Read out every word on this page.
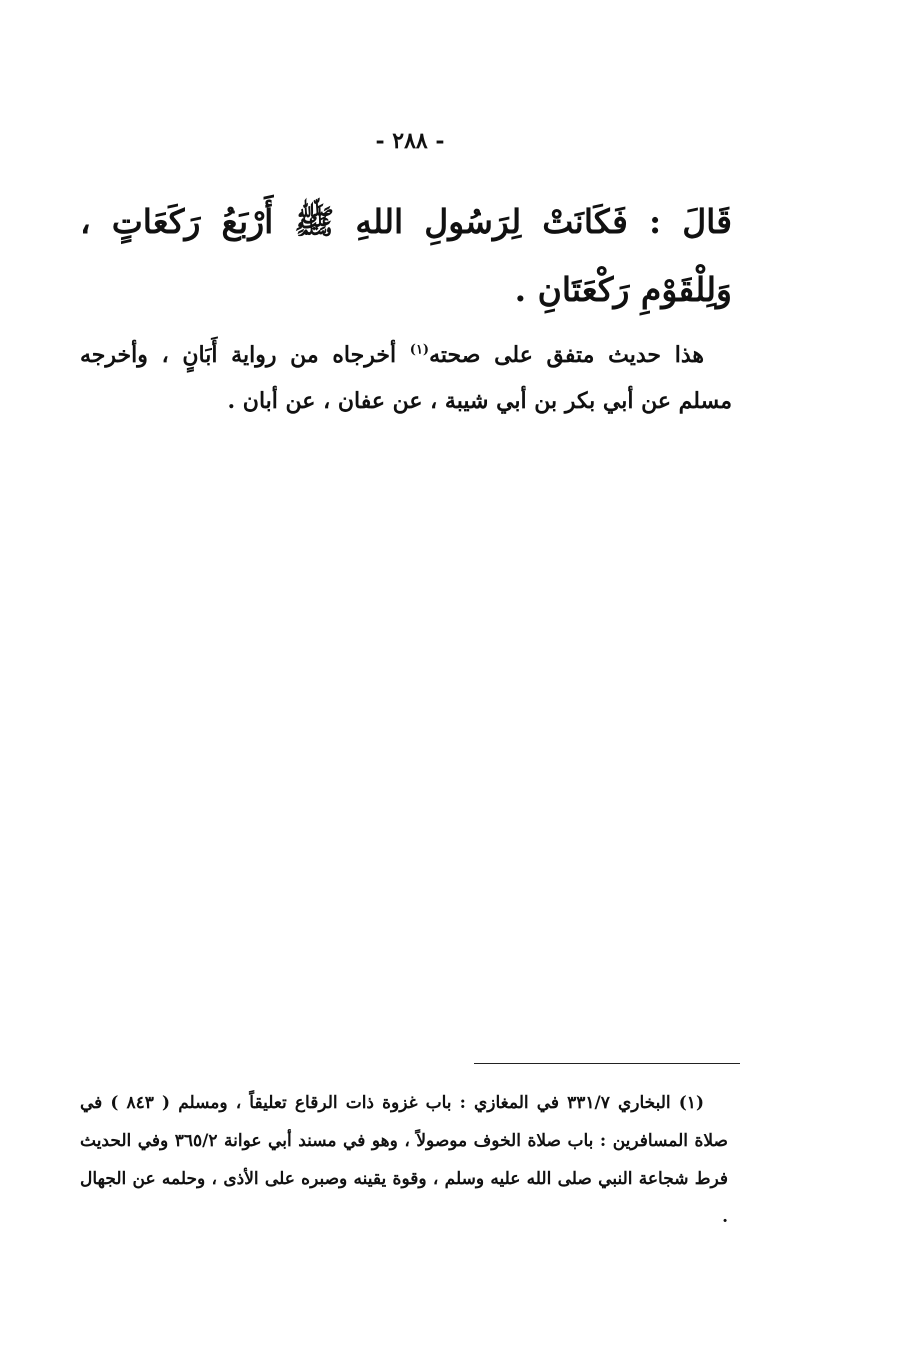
- ٢٨٨ -

قَالَ : فَكَانَتْ لِرَسُولِ اللهِ ﷺ أَرْبَعُ رَكَعَاتٍ ، وَلِلْقَوْمِ رَكْعَتَانِ .

هذا حديث متفق على صحته$^{(١)}$ أخرجاه من رواية أَبَانٍ ، وأخرجه مسلم عن أبي بكر بن أبي شيبة ، عن عفان ، عن أبان .

(١) البخاري ٣٣١/٧ في المغازي : باب غزوة ذات الرقاع تعليقاً ، ومسلم ( ٨٤٣ ) في صلاة المسافرين : باب صلاة الخوف موصولاً ، وهو في مسند أبي عوانة ٣٦٥/٢ وفي الحديث فرط شجاعة النبي صلى الله عليه وسلم ، وقوة يقينه وصبره على الأذى ، وحلمه عن الجهال .
